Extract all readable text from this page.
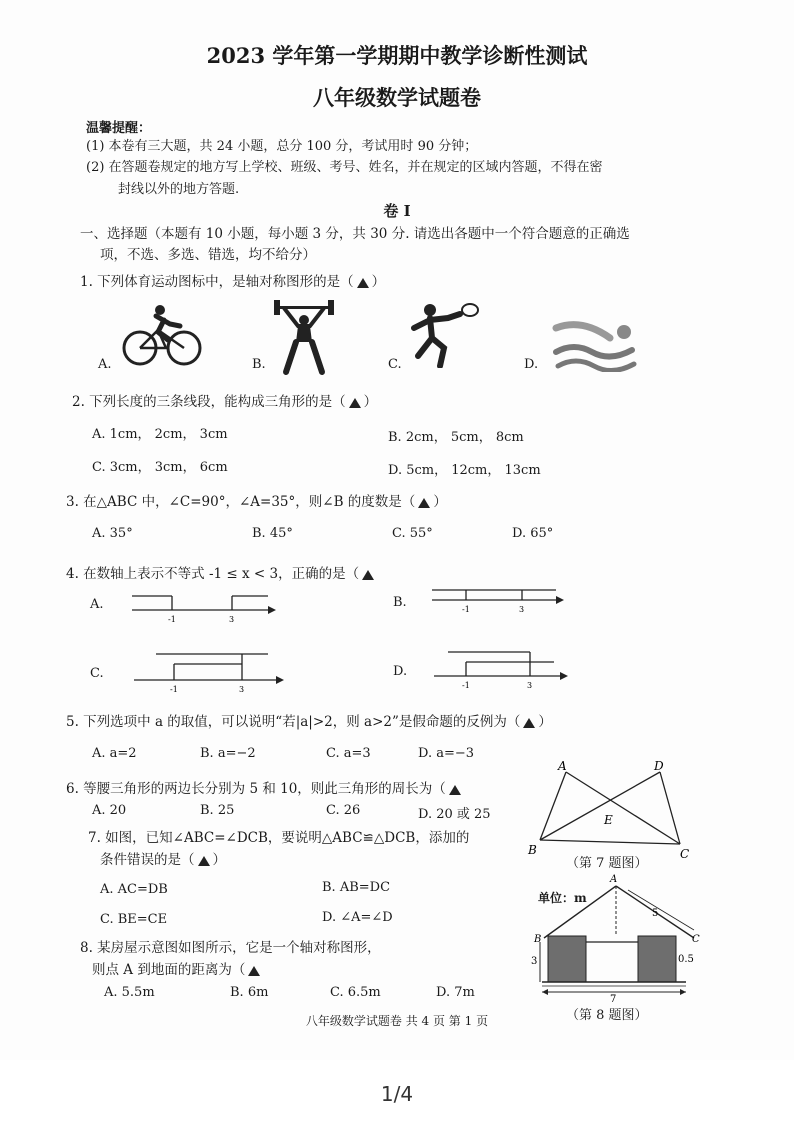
2023 学年第一学期期中教学诊断性测试
八年级数学试题卷
温馨提醒：
(1) 本卷有三大题，共 24 小题，总分 100 分，考试用时 90 分钟；
(2) 在答题卷规定的地方写上学校、班级、考号、姓名，并在规定的区域内答题，不得在密
封线以外的地方答题.
卷 I
一、选择题（本题有 10 小题，每小题 3 分，共 30 分. 请选出各题中一个符合题意的正确选
项，不选、多选、错选，均不给分）
1. 下列体育运动图标中，是轴对称图形的是（ ）
A.	B.	C.	D.
2. 下列长度的三条线段，能构成三角形的是（ ）
A. 1cm， 2cm， 3cm	B. 2cm， 5cm， 8cm
C. 3cm， 3cm， 6cm	D. 5cm， 12cm， 13cm
3. 在△ABC 中，∠C=90°，∠A=35°，则∠B 的度数是（ ）
A. 35°	B. 45°	C. 55°	D. 65°
4. 在数轴上表示不等式 -1 ≤ x < 3，正确的是（
A.
-1	3
B.	-1	3
C.
-1	3
D.
-1	3
5. 下列选项中 a 的取值，可以说明“若|a|>2，则 a>2”是假命题的反例为（ ）
A. a=2	B. a=−2	C. a=3	D. a=−3
6. 等腰三角形的两边长分别为 5 和 10，则此三角形的周长为（
A. 20	B. 25	C. 26	D. 20 或 25
7. 如图，已知∠ABC=∠DCB，要说明△ABC≌△DCB，添加的
条件错误的是（ ）
A. AC=DB	B. AB=DC
C. BE=CE	D. ∠A=∠D
A	D
E
B	C
（第 7 题图）
8. 某房屋示意图如图所示，它是一个轴对称图形，
则点 A 到地面的距离为（
A. 5.5m	B. 6m	C. 6.5m	D. 7m
单位：m
A
B	C
5
3	0.5
7
（第 8 题图）
八年级数学试题卷 共 4 页 第 1 页
1/4
